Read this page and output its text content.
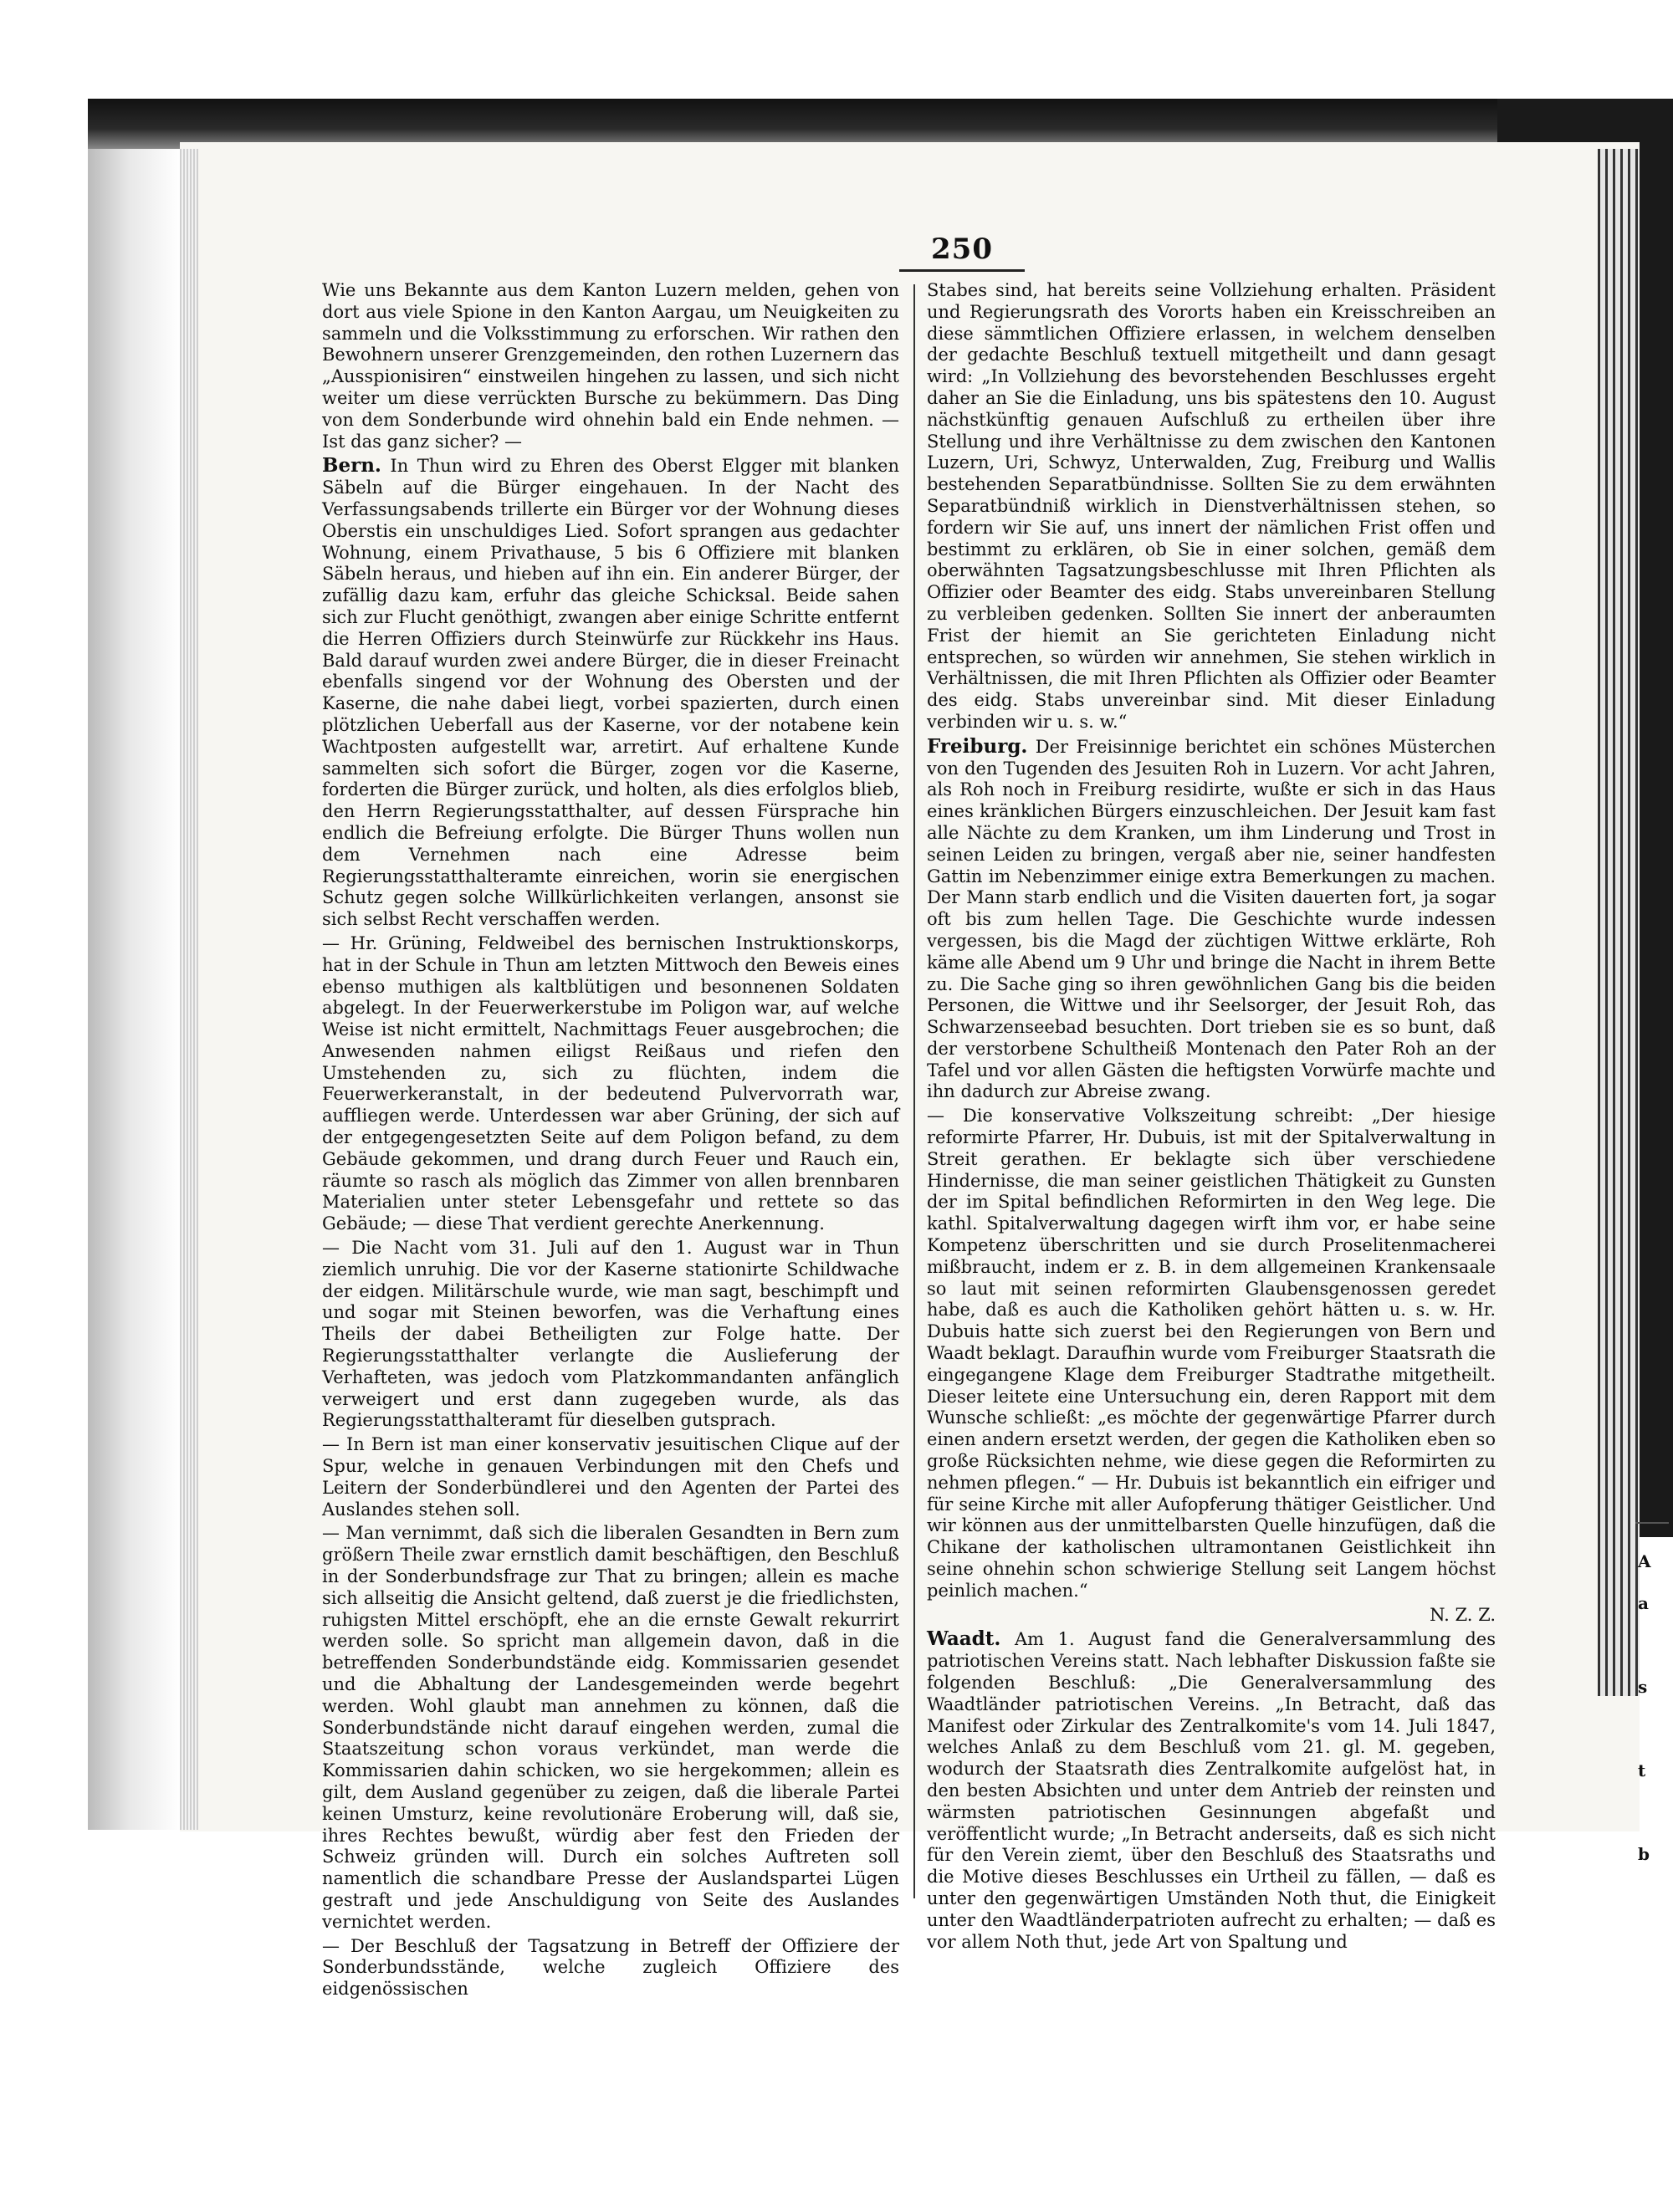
250

Wie uns Bekannte aus dem Kanton Luzern melden, gehen von dort aus viele Spione in den Kanton Aargau, um Neuigkeiten zu sammeln und die Volksstimmung zu erforschen. Wir rathen den Bewohnern unserer Grenzgemeinden, den rothen Luzernern das „Ausspionisiren“ einstweilen hingehen zu lassen, und sich nicht weiter um diese verrückten Bursche zu bekümmern. Das Ding von dem Sonderbunde wird ohnehin bald ein Ende nehmen. — Ist das ganz sicher? —

Bern. In Thun wird zu Ehren des Oberst Elgger mit blanken Säbeln auf die Bürger eingehauen. In der Nacht des Verfassungsabends trillerte ein Bürger vor der Wohnung dieses Oberstis ein unschuldiges Lied. Sofort sprangen aus gedachter Wohnung, einem Privathause, 5 bis 6 Offiziere mit blanken Säbeln heraus, und hieben auf ihn ein. Ein anderer Bürger, der zufällig dazu kam, erfuhr das gleiche Schicksal. Beide sahen sich zur Flucht genöthigt, zwangen aber einige Schritte entfernt die Herren Offiziers durch Steinwürfe zur Rückkehr ins Haus. Bald darauf wurden zwei andere Bürger, die in dieser Freinacht ebenfalls singend vor der Wohnung des Obersten und der Kaserne, die nahe dabei liegt, vorbei spazierten, durch einen plötzlichen Ueberfall aus der Kaserne, vor der notabene kein Wachtposten aufgestellt war, arretirt. Auf erhaltene Kunde sammelten sich sofort die Bürger, zogen vor die Kaserne, forderten die Bürger zurück, und holten, als dies erfolglos blieb, den Herrn Regierungsstatthalter, auf dessen Fürsprache hin endlich die Befreiung erfolgte. Die Bürger Thuns wollen nun dem Vernehmen nach eine Adresse beim Regierungsstatthalteramte einreichen, worin sie energischen Schutz gegen solche Willkürlichkeiten verlangen, ansonst sie sich selbst Recht verschaffen werden.

— Hr. Grüning, Feldweibel des bernischen Instruktionskorps, hat in der Schule in Thun am letzten Mittwoch den Beweis eines ebenso muthigen als kaltblütigen und besonnenen Soldaten abgelegt. In der Feuerwerkerstube im Poligon war, auf welche Weise ist nicht ermittelt, Nachmittags Feuer ausgebrochen; die Anwesenden nahmen eiligst Reißaus und riefen den Umstehenden zu, sich zu flüchten, indem die Feuerwerkeranstalt, in der bedeutend Pulvervorrath war, auffliegen werde. Unterdessen war aber Grüning, der sich auf der entgegengesetzten Seite auf dem Poligon befand, zu dem Gebäude gekommen, und drang durch Feuer und Rauch ein, räumte so rasch als möglich das Zimmer von allen brennbaren Materialien unter steter Lebensgefahr und rettete so das Gebäude; — diese That verdient gerechte Anerkennung.

— Die Nacht vom 31. Juli auf den 1. August war in Thun ziemlich unruhig. Die vor der Kaserne stationirte Schildwache der eidgen. Militärschule wurde, wie man sagt, beschimpft und und sogar mit Steinen beworfen, was die Verhaftung eines Theils der dabei Betheiligten zur Folge hatte. Der Regierungsstatthalter verlangte die Auslieferung der Verhafteten, was jedoch vom Platzkommandanten anfänglich verweigert und erst dann zugegeben wurde, als das Regierungsstatthalteramt für dieselben gutsprach.

— In Bern ist man einer konservativ jesuitischen Clique auf der Spur, welche in genauen Verbindungen mit den Chefs und Leitern der Sonderbündlerei und den Agenten der Partei des Auslandes stehen soll.

— Man vernimmt, daß sich die liberalen Gesandten in Bern zum größern Theile zwar ernstlich damit beschäftigen, den Beschluß in der Sonderbundsfrage zur That zu bringen; allein es mache sich allseitig die Ansicht geltend, daß zuerst je die friedlichsten, ruhigsten Mittel erschöpft, ehe an die ernste Gewalt rekurrirt werden solle. So spricht man allgemein davon, daß in die betreffenden Sonderbundstände eidg. Kommissarien gesendet und die Abhaltung der Landesgemeinden werde begehrt werden. Wohl glaubt man annehmen zu können, daß die Sonderbundstände nicht darauf eingehen werden, zumal die Staatszeitung schon voraus verkündet, man werde die Kommissarien dahin schicken, wo sie hergekommen; allein es gilt, dem Ausland gegenüber zu zeigen, daß die liberale Partei keinen Umsturz, keine revolutionäre Eroberung will, daß sie, ihres Rechtes bewußt, würdig aber fest den Frieden der Schweiz gründen will. Durch ein solches Auftreten soll namentlich die schandbare Presse der Auslandspartei Lügen gestraft und jede Anschuldigung von Seite des Auslandes vernichtet werden.

— Der Beschluß der Tagsatzung in Betreff der Offiziere der Sonderbundsstände, welche zugleich Offiziere des eidgenössischen

Stabes sind, hat bereits seine Vollziehung erhalten. Präsident und Regierungsrath des Vororts haben ein Kreisschreiben an diese sämmtlichen Offiziere erlassen, in welchem denselben der gedachte Beschluß textuell mitgetheilt und dann gesagt wird: „In Vollziehung des bevorstehenden Beschlusses ergeht daher an Sie die Einladung, uns bis spätestens den 10. August nächstkünftig genauen Aufschluß zu ertheilen über ihre Stellung und ihre Verhältnisse zu dem zwischen den Kantonen Luzern, Uri, Schwyz, Unterwalden, Zug, Freiburg und Wallis bestehenden Separatbündnisse. Sollten Sie zu dem erwähnten Separatbündniß wirklich in Dienstverhältnissen stehen, so fordern wir Sie auf, uns innert der nämlichen Frist offen und bestimmt zu erklären, ob Sie in einer solchen, gemäß dem oberwähnten Tagsatzungsbeschlusse mit Ihren Pflichten als Offizier oder Beamter des eidg. Stabs unvereinbaren Stellung zu verbleiben gedenken. Sollten Sie innert der anberaumten Frist der hiemit an Sie gerichteten Einladung nicht entsprechen, so würden wir annehmen, Sie stehen wirklich in Verhältnissen, die mit Ihren Pflichten als Offizier oder Beamter des eidg. Stabs unvereinbar sind. Mit dieser Einladung verbinden wir u. s. w.“

Freiburg. Der Freisinnige berichtet ein schönes Müsterchen von den Tugenden des Jesuiten Roh in Luzern. Vor acht Jahren, als Roh noch in Freiburg residirte, wußte er sich in das Haus eines kränklichen Bürgers einzuschleichen. Der Jesuit kam fast alle Nächte zu dem Kranken, um ihm Linderung und Trost in seinen Leiden zu bringen, vergaß aber nie, seiner handfesten Gattin im Nebenzimmer einige extra Bemerkungen zu machen. Der Mann starb endlich und die Visiten dauerten fort, ja sogar oft bis zum hellen Tage. Die Geschichte wurde indessen vergessen, bis die Magd der züchtigen Wittwe erklärte, Roh käme alle Abend um 9 Uhr und bringe die Nacht in ihrem Bette zu. Die Sache ging so ihren gewöhnlichen Gang bis die beiden Personen, die Wittwe und ihr Seelsorger, der Jesuit Roh, das Schwarzenseebad besuchten. Dort trieben sie es so bunt, daß der verstorbene Schultheiß Montenach den Pater Roh an der Tafel und vor allen Gästen die heftigsten Vorwürfe machte und ihn dadurch zur Abreise zwang.

— Die konservative Volkszeitung schreibt: „Der hiesige reformirte Pfarrer, Hr. Dubuis, ist mit der Spitalverwaltung in Streit gerathen. Er beklagte sich über verschiedene Hindernisse, die man seiner geistlichen Thätigkeit zu Gunsten der im Spital befindlichen Reformirten in den Weg lege. Die kathl. Spitalverwaltung dagegen wirft ihm vor, er habe seine Kompetenz überschritten und sie durch Proselitenmacherei mißbraucht, indem er z. B. in dem allgemeinen Krankensaale so laut mit seinen reformirten Glaubensgenossen geredet habe, daß es auch die Katholiken gehört hätten u. s. w. Hr. Dubuis hatte sich zuerst bei den Regierungen von Bern und Waadt beklagt. Daraufhin wurde vom Freiburger Staatsrath die eingegangene Klage dem Freiburger Stadtrathe mitgetheilt. Dieser leitete eine Untersuchung ein, deren Rapport mit dem Wunsche schließt: „es möchte der gegenwärtige Pfarrer durch einen andern ersetzt werden, der gegen die Katholiken eben so große Rücksichten nehme, wie diese gegen die Reformirten zu nehmen pflegen.“ — Hr. Dubuis ist bekanntlich ein eifriger und für seine Kirche mit aller Aufopferung thätiger Geistlicher. Und wir können aus der unmittelbarsten Quelle hinzufügen, daß die Chikane der katholischen ultramontanen Geistlichkeit ihn seine ohnehin schon schwierige Stellung seit Langem höchst peinlich machen.“

N. Z. Z.

Waadt. Am 1. August fand die Generalversammlung des patriotischen Vereins statt. Nach lebhafter Diskussion faßte sie folgenden Beschluß: „Die Generalversammlung des Waadtländer patriotischen Vereins. „In Betracht, daß das Manifest oder Zirkular des Zentralkomite's vom 14. Juli 1847, welches Anlaß zu dem Beschluß vom 21. gl. M. gegeben, wodurch der Staatsrath dies Zentralkomite aufgelöst hat, in den besten Absichten und unter dem Antrieb der reinsten und wärmsten patriotischen Gesinnungen abgefaßt und veröffentlicht wurde; „In Betracht anderseits, daß es sich nicht für den Verein ziemt, über den Beschluß des Staatsraths und die Motive dieses Beschlusses ein Urtheil zu fällen, — daß es unter den gegenwärtigen Umständen Noth thut, die Einigkeit unter den Waadtländerpatrioten aufrecht zu erhalten; — daß es vor allem Noth thut, jede Art von Spaltung und

A
a
s
t
b
